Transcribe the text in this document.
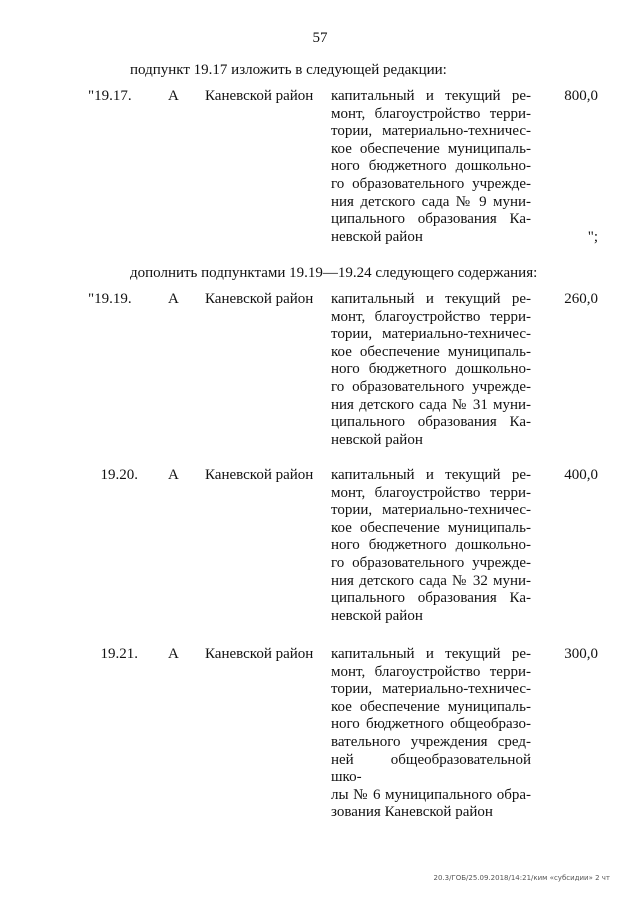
57
подпункт 19.17 изложить в следующей редакции:
"19.17.	А Каневской район капитальный и текущий ре-
монт, благоустройство терри-
тории, материально-техничес-
кое обеспечение муниципаль-
ного бюджетного дошкольно-
го образовательного учрежде-
ния детского сада № 9 муни-
ципального образования Ка-
невской район
800,0
";
дополнить подпунктами 19.19—19.24 следующего содержания:
"19.19.	А Каневской район капитальный и текущий ре-
монт, благоустройство терри-
тории, материально-техничес-
кое обеспечение муниципаль-
ного бюджетного дошкольно-
го образовательного учрежде-
ния детского сада № 31 муни-
ципального образования Ка-
невской район
260,0
19.20. А Каневской район капитальный и текущий ре-
монт, благоустройство терри-
тории, материально-техничес-
кое обеспечение муниципаль-
ного бюджетного дошкольно-
го образовательного учрежде-
ния детского сада № 32 муни-
ципального образования Ка-
невской район
400,0
19.21. А Каневской район капитальный и текущий ре-
монт, благоустройство терри-
тории, материально-техничес-
кое обеспечение муниципаль-
ного бюджетного общеобразо-
вательного учреждения сред-
ней общеобразовательной шко-
лы № 6 муниципального обра-
зования Каневской район
300,0
20.3/ГОБ/25.09.2018/14:21/ким «субсидии» 2 чт
